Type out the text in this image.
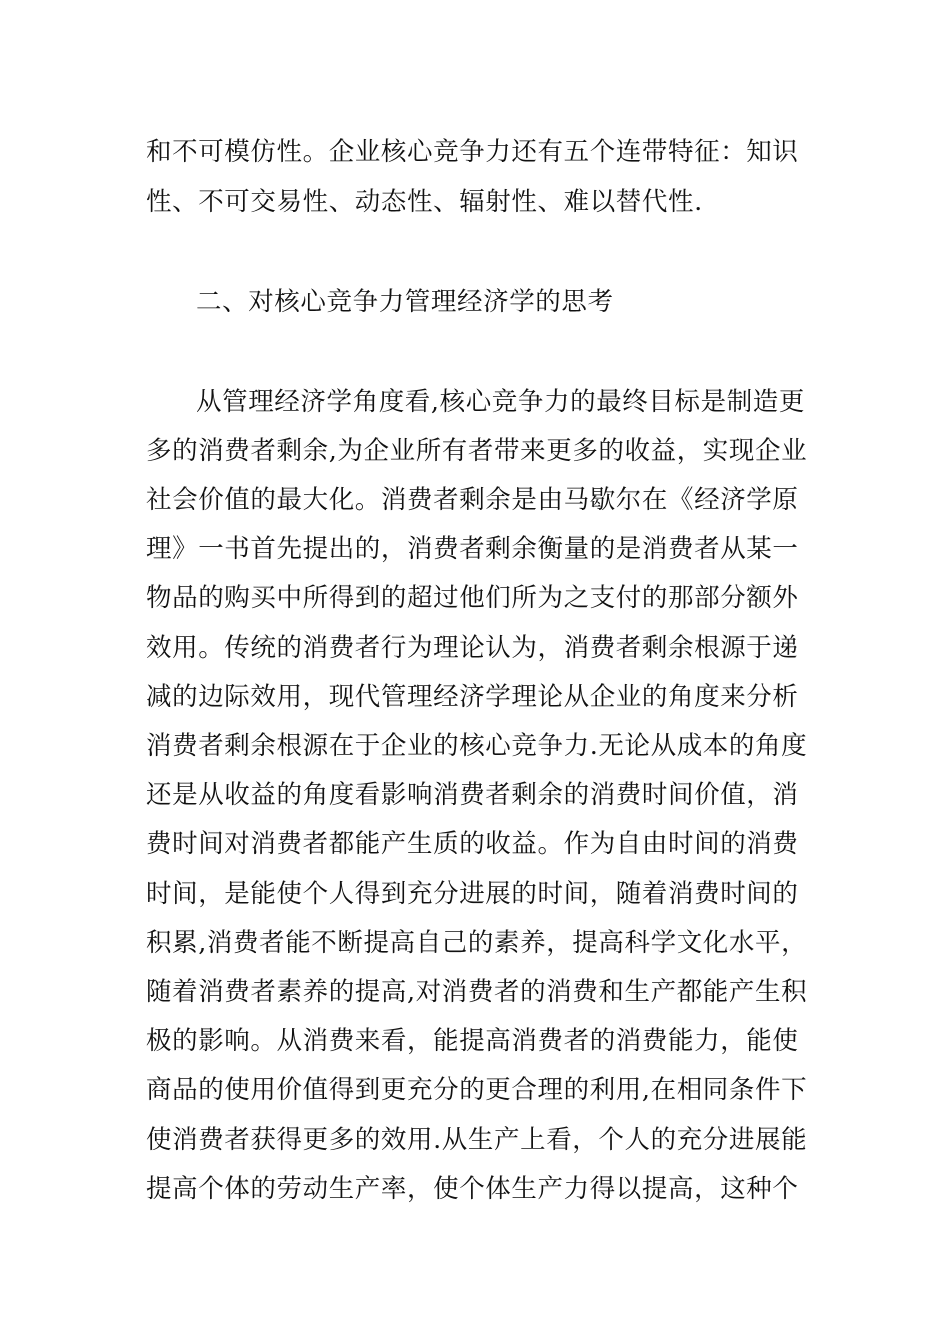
和不可模仿性。企业核心竞争力还有五个连带特征：知识

性、不可交易性、动态性、辐射性、难以替代性.

二、对核心竞争力管理经济学的思考

从管理经济学角度看,核心竞争力的最终目标是制造更

多的消费者剩余,为企业所有者带来更多的收益，实现企业

社会价值的最大化。消费者剩余是由马歇尔在《经济学原

理》一书首先提出的，消费者剩余衡量的是消费者从某一

物品的购买中所得到的超过他们所为之支付的那部分额外

效用。传统的消费者行为理论认为，消费者剩余根源于递

减的边际效用，现代管理经济学理论从企业的角度来分析

消费者剩余根源在于企业的核心竞争力.无论从成本的角度

还是从收益的角度看影响消费者剩余的消费时间价值，消

费时间对消费者都能产生质的收益。作为自由时间的消费

时间，是能使个人得到充分进展的时间，随着消费时间的

积累,消费者能不断提高自己的素养，提高科学文化水平，

随着消费者素养的提高,对消费者的消费和生产都能产生积

极的影响。从消费来看，能提高消费者的消费能力，能使

商品的使用价值得到更充分的更合理的利用,在相同条件下

使消费者获得更多的效用.从生产上看，个人的充分进展能

提高个体的劳动生产率，使个体生产力得以提高，这种个
